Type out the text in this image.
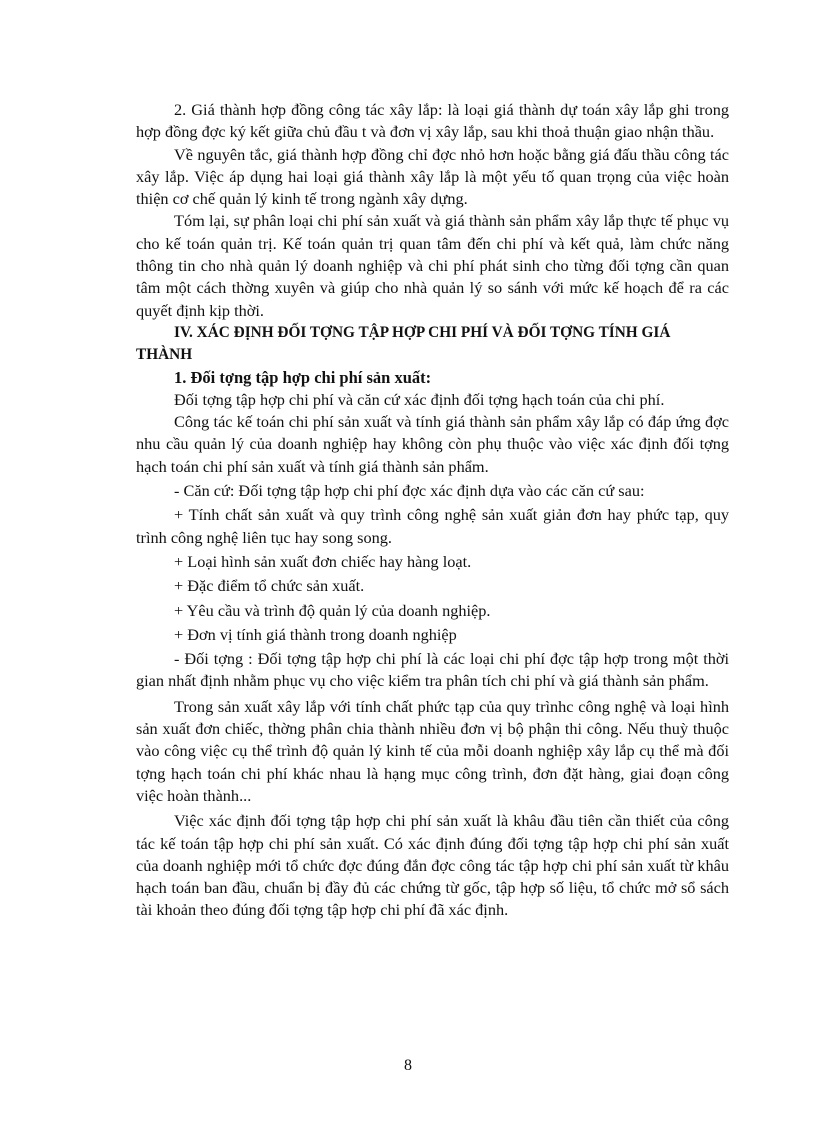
2. Giá thành hợp đồng công tác xây lắp: là loại giá thành dự toán xây lắp ghi trong hợp đồng đợc ký kết giữa chủ đầu t và đơn vị xây lắp, sau khi thoả thuận giao nhận thầu.

Về nguyên tắc, giá thành hợp đồng chỉ đợc nhỏ hơn hoặc bằng giá đấu thầu công tác xây lắp. Việc áp dụng hai loại giá thành xây lắp là một yếu tố quan trọng của việc hoàn thiện cơ chế quản lý kinh tế trong ngành xây dựng.

Tóm lại, sự phân loại chi phí sản xuất và giá thành sản phẩm xây lắp thực tế phục vụ cho kế toán quản trị. Kế toán quản trị quan tâm đến chi phí và kết quả, làm chức năng thông tin cho nhà quản lý doanh nghiệp và chi phí phát sinh cho từng đối tợng cần quan tâm một cách thờng xuyên và giúp cho nhà quản lý so sánh với mức kế hoạch để ra các quyết định kịp thời.

IV. XÁC ĐỊNH ĐỐI TỢNG TẬP HỢP CHI PHÍ VÀ ĐỐI TỢNG TÍNH GIÁ THÀNH

1. Đối tợng tập hợp chi phí sản xuất:

Đối tợng tập hợp chi phí và căn cứ xác định đối tợng hạch toán của chi phí.

Công tác kế toán chi phí sản xuất và tính giá thành sản phẩm xây lắp có đáp ứng đợc nhu cầu quản lý của doanh nghiệp hay không còn phụ thuộc vào việc xác định đối tợng hạch toán chi phí sản xuất và tính giá thành sản phẩm.

- Căn cứ: Đối tợng tập hợp chi phí đợc xác định dựa vào các căn cứ sau:

+ Tính chất sản xuất và quy trình công nghệ sản xuất giản đơn hay phức tạp, quy trình công nghệ liên tục hay song song.

+ Loại hình sản xuất đơn chiếc hay hàng loạt.

+ Đặc điểm tổ chức sản xuất.

+ Yêu cầu và trình độ quản lý của doanh nghiệp.

+ Đơn vị tính giá thành trong doanh nghiệp

- Đối tợng : Đối tợng tập hợp chi phí là các loại chi phí đợc tập hợp trong một thời gian nhất định nhằm phục vụ cho việc kiểm tra phân tích chi phí và giá thành sản phẩm.

Trong sản xuất xây lắp với tính chất phức tạp của quy trìnhc công nghệ và loại hình sản xuất đơn chiếc, thờng phân chia thành nhiều đơn vị bộ phận thi công. Nếu thuỳ thuộc vào công việc cụ thể trình độ quản lý kinh tế của mỗi doanh nghiệp xây lắp cụ thể mà đối tợng hạch toán chi phí khác nhau là hạng mục công trình, đơn đặt hàng, giai đoạn công việc hoàn thành...

Việc xác định đối tợng tập hợp chi phí sản xuất là khâu đầu tiên cần thiết của công tác kế toán tập hợp chi phí sản xuất. Có xác định đúng đối tợng tập hợp chi phí sản xuất của doanh nghiệp mới tổ chức đợc đúng đắn đợc công tác tập hợp chi phí sản xuất từ khâu hạch toán ban đầu, chuẩn bị đầy đủ các chứng từ gốc, tập hợp số liệu, tổ chức mở sổ sách tài khoản theo đúng đối tợng tập hợp chi phí đã xác định.

8
